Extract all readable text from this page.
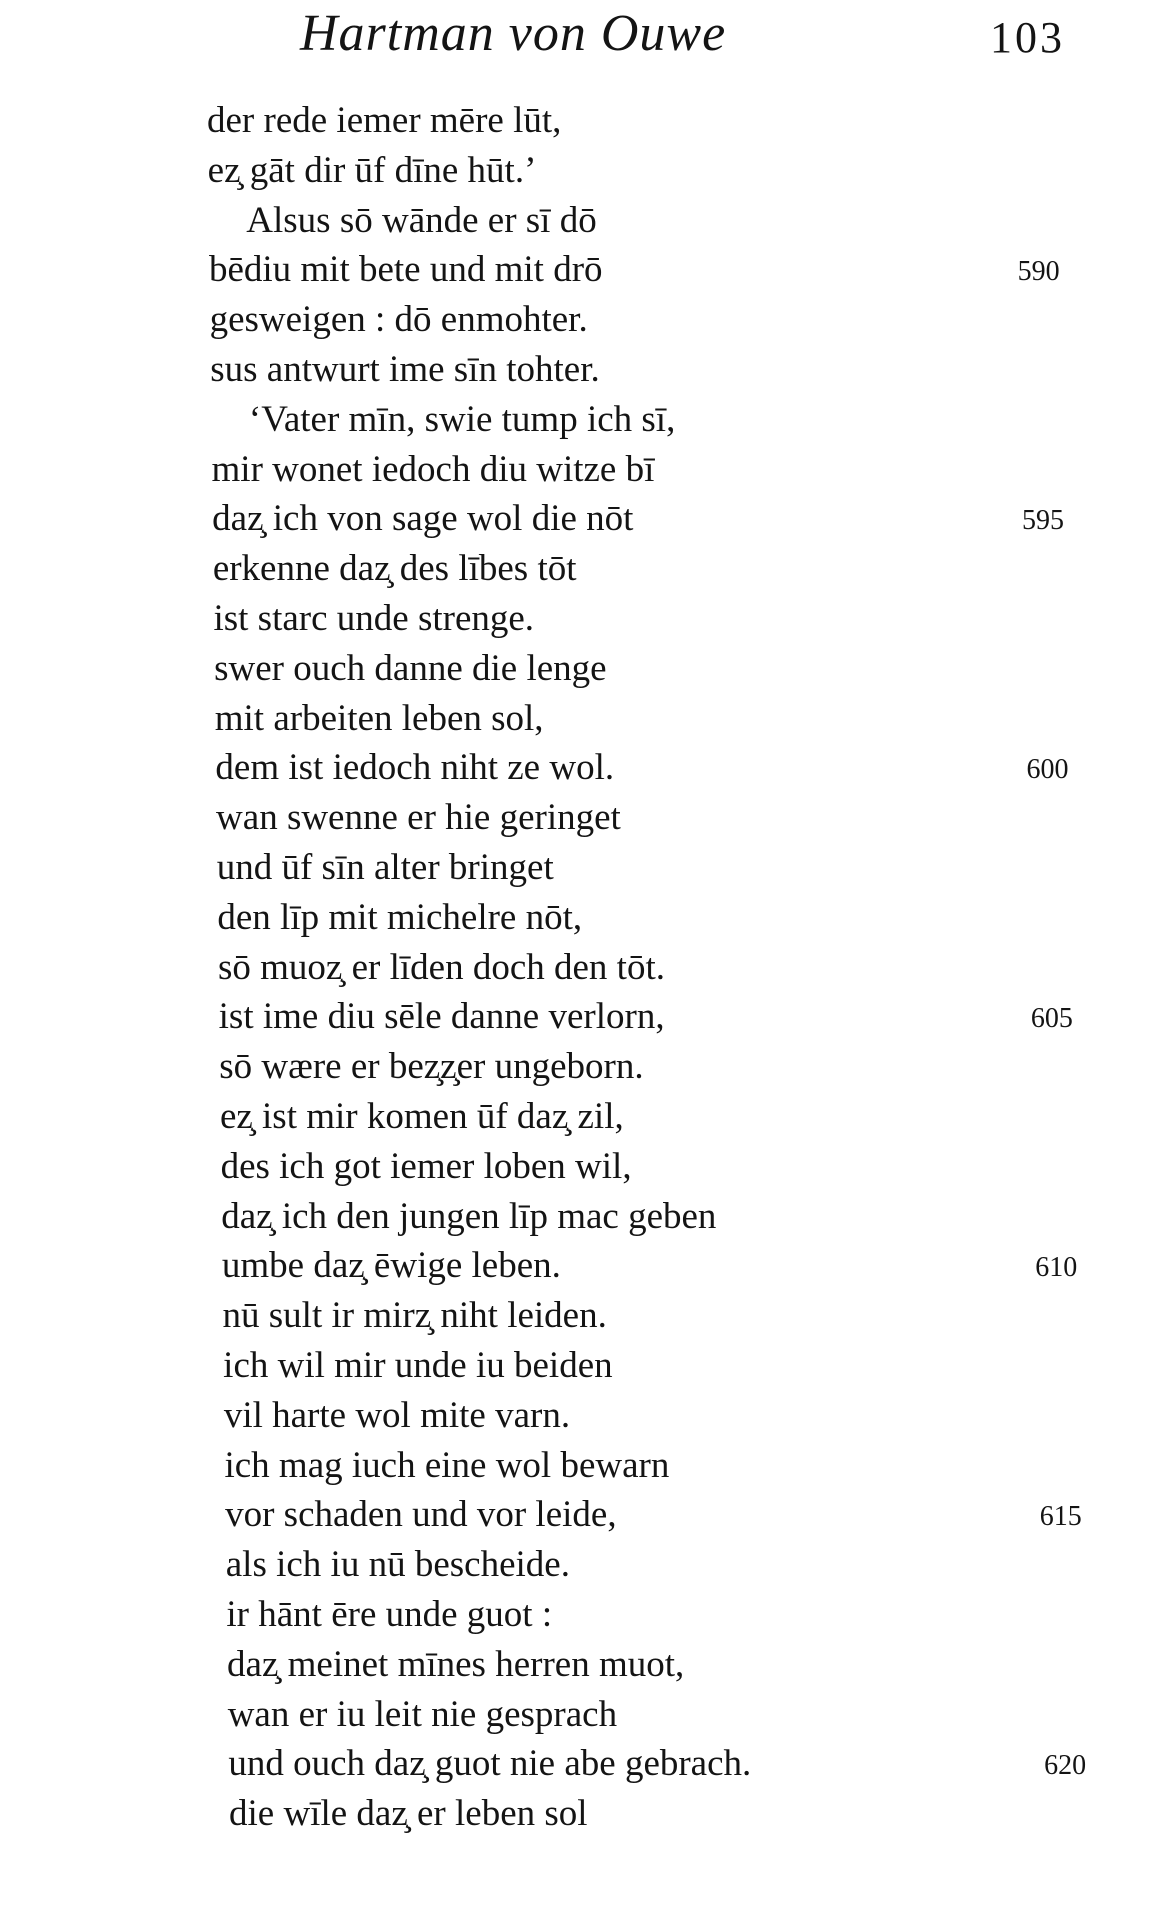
Hartman von Ouwe	103
der rede iemer mēre lūt,
ez̧ gāt dir ūf dīne hūt.’
Alsus sō wānde er sī dō
bēdiu mit bete und mit drō	590
gesweigen : dō enmohter.
sus antwurt ime sīn tohter.
‘Vater mīn, swie tump ich sī,
mir wonet iedoch diu witze bī
daz̧ ich von sage wol die nōt	595
erkenne daz̧ des lībes tōt
ist starc unde strenge.
swer ouch danne die lenge
mit arbeiten leben sol,
dem ist iedoch niht ze wol.	600
wan swenne er hie geringet
und ūf sīn alter bringet
den līp mit michelre nōt,
sō muoz̧ er līden doch den tōt.
ist ime diu sēle danne verlorn,	605
sō wære er bez̧z̧er ungeborn.
ez̧ ist mir komen ūf daz̧ zil,
des ich got iemer loben wil,
daz̧ ich den jungen līp mac geben
umbe daz̧ ēwige leben.	610
nū sult ir mirz̧ niht leiden.
ich wil mir unde iu beiden
vil harte wol mite varn.
ich mag iuch eine wol bewarn
vor schaden und vor leide,	615
als ich iu nū bescheide.
ir hānt ēre unde guot :
daz̧ meinet mīnes herren muot,
wan er iu leit nie gesprach
und ouch daz̧ guot nie abe gebrach.	620
die wīle daz̧ er leben sol
